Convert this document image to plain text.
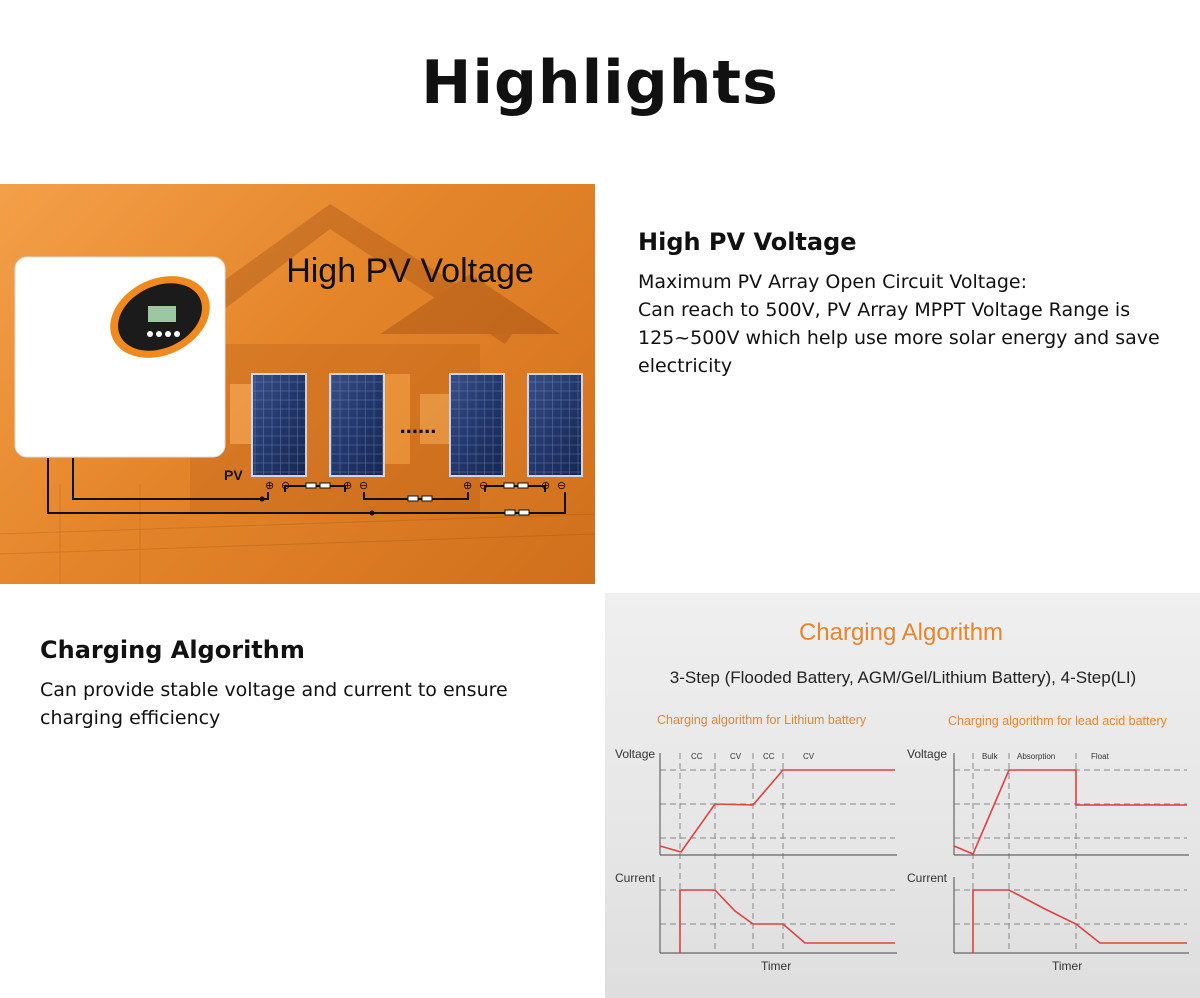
Highlights
High PV Voltage
......
PV
⊕ ⊖	⊕ ⊖	⊕ ⊖	⊕ ⊖
High PV Voltage

Maximum PV Array Open Circuit Voltage:
Can reach to 500V, PV Array MPPT Voltage Range is 125~500V which help use more solar energy and save electricity

Charging Algorithm

Can provide stable voltage and current to ensure charging efficiency

Charging Algorithm
3-Step (Flooded Battery, AGM/Gel/Lithium Battery), 4-Step(LI)
Charging algorithm for Lithium battery
Voltage
Current
Timer
CC	CV	CC	CV
Charging algorithm for lead acid battery
Voltage
Current
Timer
Bulk Absorption	Float
